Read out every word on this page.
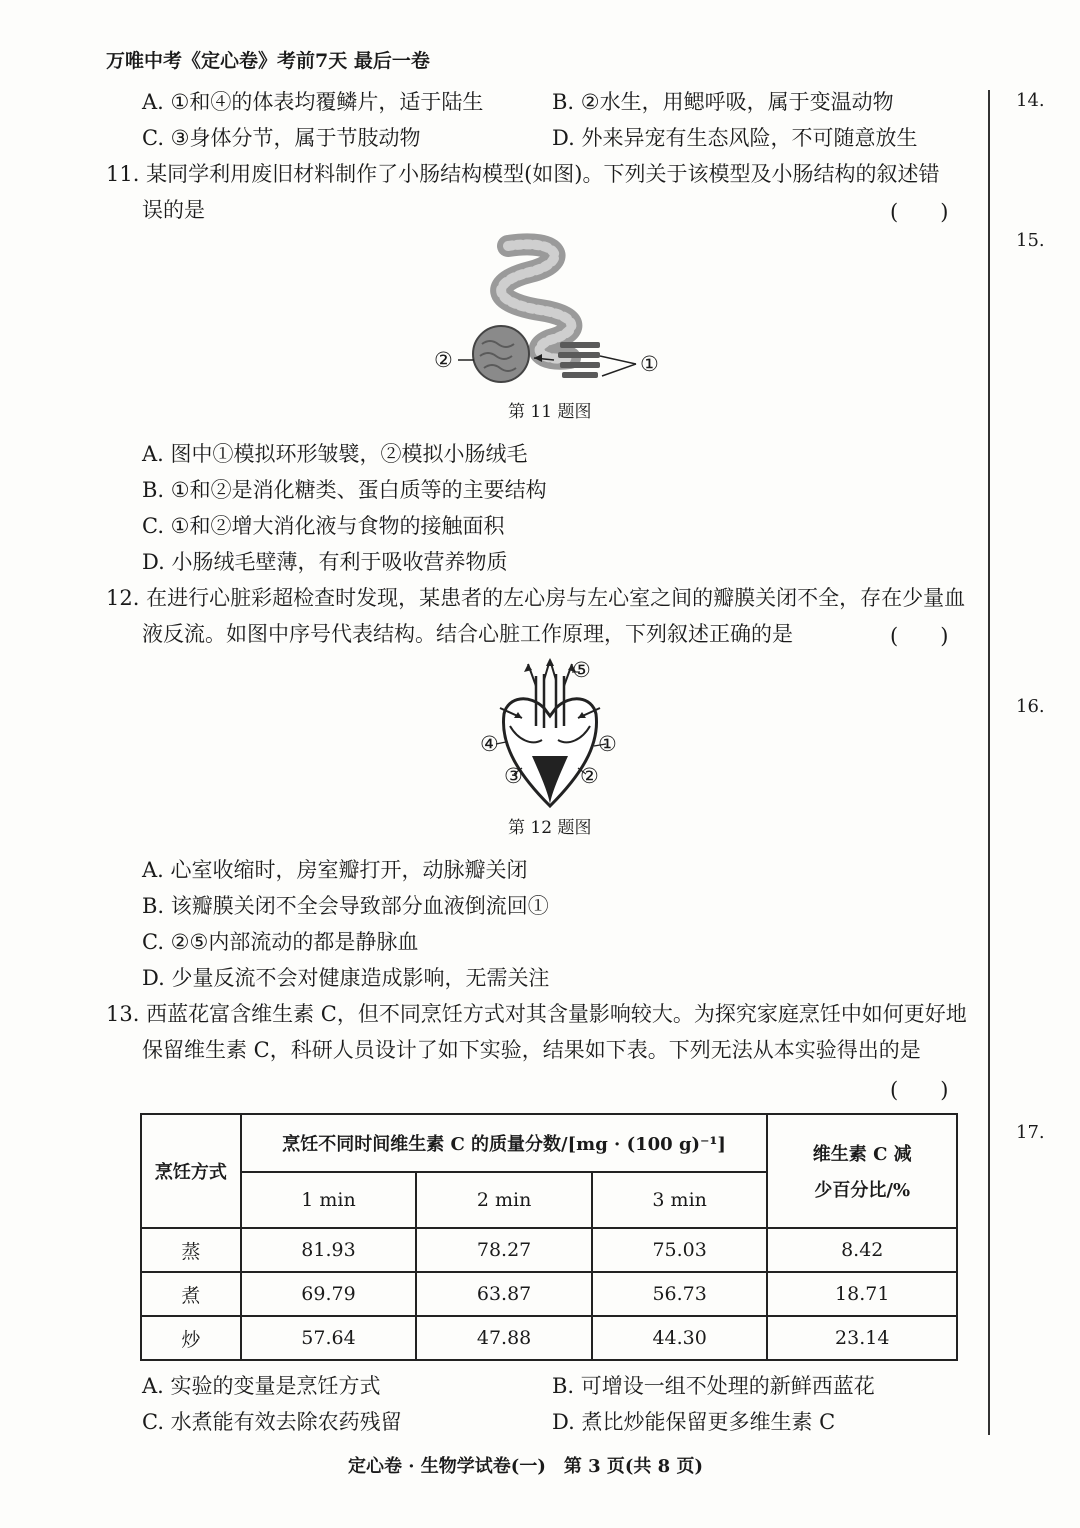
万唯中考《定心卷》考前7天 最后一卷
A. ①和④的体表均覆鳞片，适于陆生	B. ②水生，用鳃呼吸，属于变温动物
C. ③身体分节，属于节肢动物	D. 外来异宠有生态风险，不可随意放生
11. 某同学利用废旧材料制作了小肠结构模型(如图)。下列关于该模型及小肠结构的叙述错
误的是	(　　)
②	①
第 11 题图
A. 图中①模拟环形皱襞，②模拟小肠绒毛
B. ①和②是消化糖类、蛋白质等的主要结构
C. ①和②增大消化液与食物的接触面积
D. 小肠绒毛壁薄，有利于吸收营养物质
12. 在进行心脏彩超检查时发现，某患者的左心房与左心室之间的瓣膜关闭不全，存在少量血
液反流。如图中序号代表结构。结合心脏工作原理，下列叙述正确的是	(　　)
⑤
①
④
③	②
第 12 题图
A. 心室收缩时，房室瓣打开，动脉瓣关闭
B. 该瓣膜关闭不全会导致部分血液倒流回①
C. ②⑤内部流动的都是静脉血
D. 少量反流不会对健康造成影响，无需关注
13. 西蓝花富含维生素 C，但不同烹饪方式对其含量影响较大。为探究家庭烹饪中如何更好地
保留维生素 C，科研人员设计了如下实验，结果如下表。下列无法从本实验得出的是
(　　)
烹饪方式	烹饪不同时间维生素 C 的质量分数/[mg · (100 g)⁻¹]			维生素 C 减
少百分比/%

	1 min	2 min	3 min	
蒸	81.93	78.27	75.03	8.42
煮	69.79	63.87	56.73	18.71
炒	57.64	47.88	44.30	23.14
A. 实验的变量是烹饪方式	B. 可增设一组不处理的新鲜西蓝花
C. 水煮能有效去除农药残留	D. 煮比炒能保留更多维生素 C
14.
15.
16.
17.
定心卷 · 生物学试卷(一)　第 3 页(共 8 页)
